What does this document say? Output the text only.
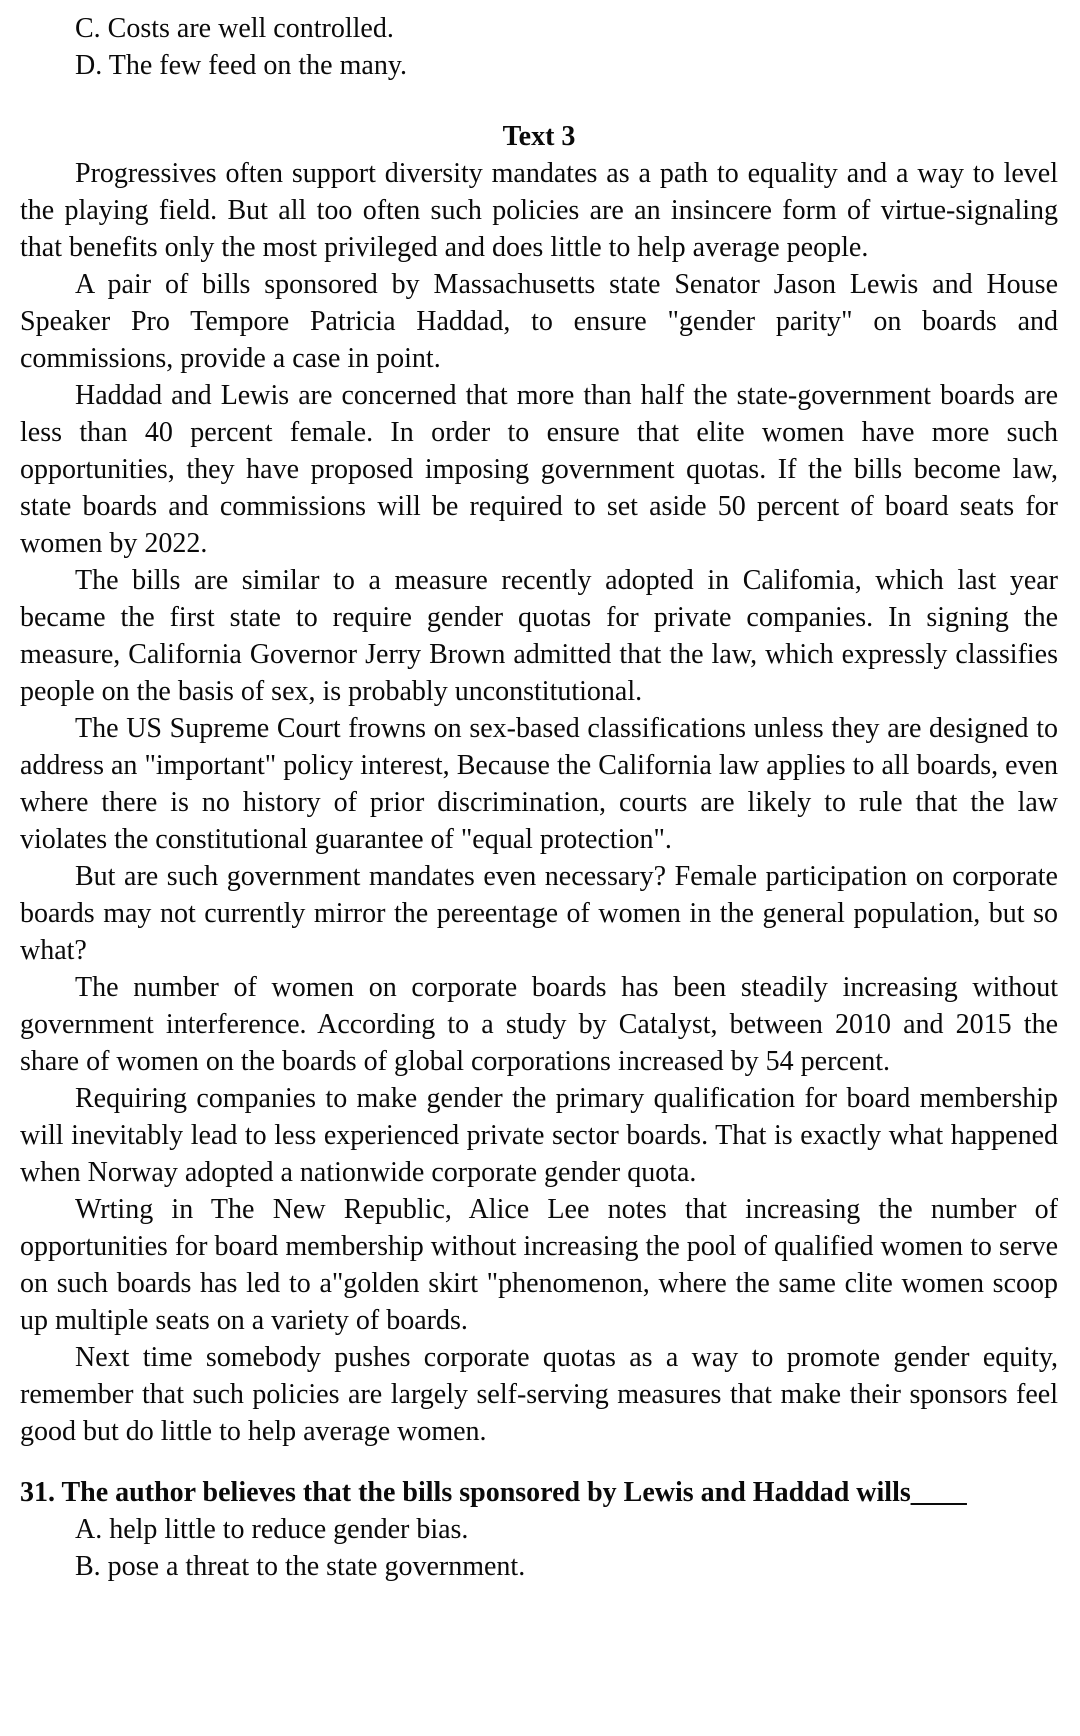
C. Costs are well controlled.
D. The few feed on the many.
Text 3

Progressives often support diversity mandates as a path to equality and a way to level the playing field. But all too often such policies are an insincere form of virtue-signaling that benefits only the most privileged and does little to help average people.

A pair of bills sponsored by Massachusetts state Senator Jason Lewis and House Speaker Pro Tempore Patricia Haddad, to ensure "gender parity" on boards and commissions, provide a case in point.

Haddad and Lewis are concerned that more than half the state-government boards are less than 40 percent female. In order to ensure that elite women have more such opportunities, they have proposed imposing government quotas. If the bills become law, state boards and commissions will be required to set aside 50 percent of board seats for women by 2022.

The bills are similar to a measure recently adopted in Califomia, which last year became the first state to require gender quotas for private companies. In signing the measure, California Governor Jerry Brown admitted that the law, which expressly classifies people on the basis of sex, is probably unconstitutional.

The US Supreme Court frowns on sex-based classifications unless they are designed to address an "important" policy interest, Because the California law applies to all boards, even where there is no history of prior discrimination, courts are likely to rule that the law violates the constitutional guarantee of "equal protection".

But are such government mandates even necessary? Female participation on corporate boards may not currently mirror the pereentage of women in the general population, but so what?

The number of women on corporate boards has been steadily increasing without government interference. According to a study by Catalyst, between 2010 and 2015 the share of women on the boards of global corporations increased by 54 percent.

Requiring companies to make gender the primary qualification for board membership will inevitably lead to less experienced private sector boards. That is exactly what happened when Norway adopted a nationwide corporate gender quota.

Wrting in The New Republic, Alice Lee notes that increasing the number of opportunities for board membership without increasing the pool of qualified women to serve on such boards has led to a"golden skirt "phenomenon, where the same clite women scoop up multiple seats on a variety of boards.

Next time somebody pushes corporate quotas as a way to promote gender equity, remember that such policies are largely self-serving measures that make their sponsors feel good but do little to help average women.

31. The author believes that the bills sponsored by Lewis and Haddad wills____

A. help little to reduce gender bias.
B. pose a threat to the state government.
